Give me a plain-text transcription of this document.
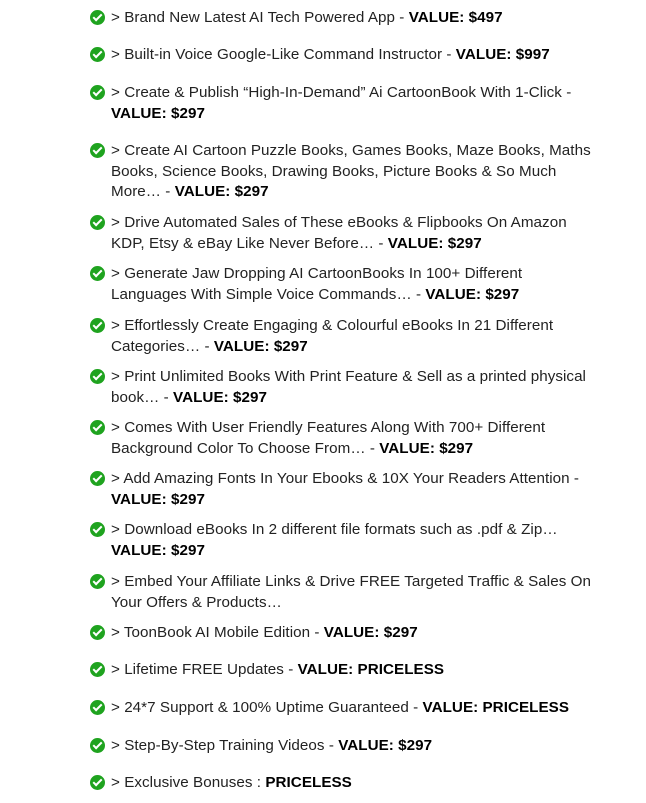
> Brand New Latest AI Tech Powered App - VALUE: $497
> Built-in Voice Google-Like Command Instructor - VALUE: $997
> Create & Publish “High-In-Demand” Ai CartoonBook With 1-Click - VALUE: $297
> Create AI Cartoon Puzzle Books, Games Books, Maze Books, Maths Books, Science Books, Drawing Books, Picture Books & So Much More… - VALUE: $297
> Drive Automated Sales of These eBooks & Flipbooks On Amazon KDP, Etsy & eBay Like Never Before… - VALUE: $297
> Generate Jaw Dropping AI CartoonBooks In 100+ Different Languages With Simple Voice Commands… - VALUE: $297
> Effortlessly Create Engaging & Colourful eBooks In 21 Different Categories… - VALUE: $297
> Print Unlimited Books With Print Feature & Sell as a printed physical book… - VALUE: $297
> Comes With User Friendly Features Along With 700+ Different Background Color To Choose From… - VALUE: $297
> Add Amazing Fonts In Your Ebooks & 10X Your Readers Attention - VALUE: $297
> Download eBooks In 2 different file formats such as .pdf & Zip… VALUE: $297
> Embed Your Affiliate Links & Drive FREE Targeted Traffic & Sales On Your Offers & Products…
> ToonBook AI Mobile Edition - VALUE: $297
> Lifetime FREE Updates - VALUE: PRICELESS
> 24*7 Support & 100% Uptime Guaranteed - VALUE: PRICELESS
> Step-By-Step Training Videos - VALUE: $297
> Exclusive Bonuses : PRICELESS
